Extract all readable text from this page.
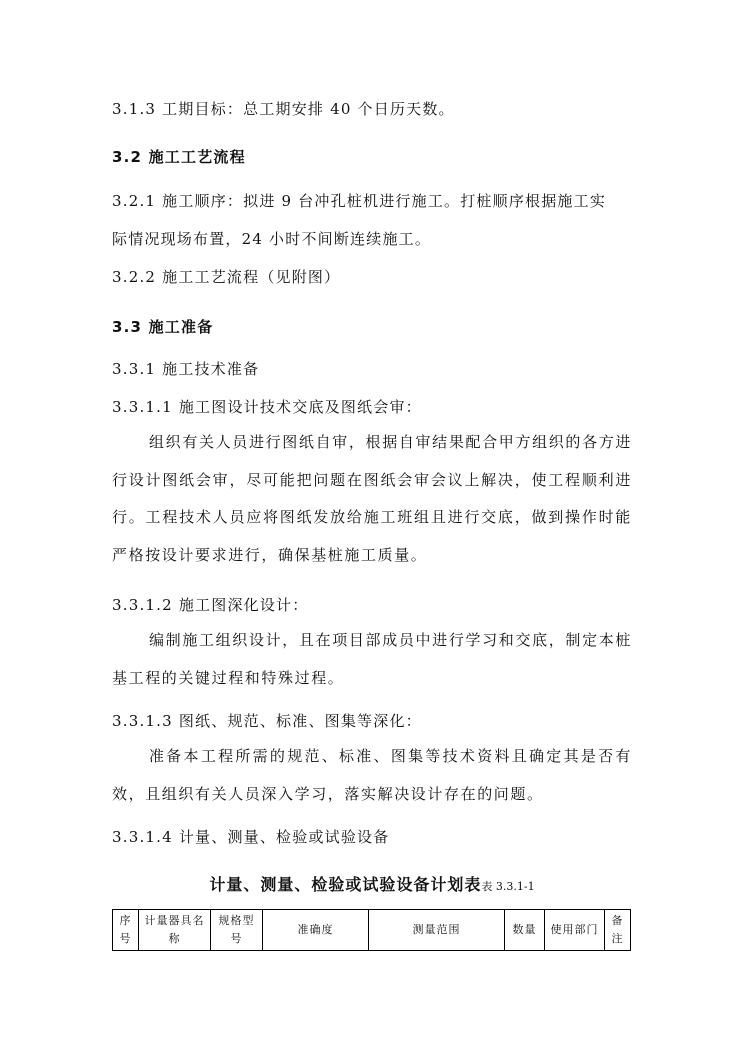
3.1.3 工期目标：总工期安排 40 个日历天数。
3.2 施工工艺流程
3.2.1 施工顺序：拟进 9 台冲孔桩机进行施工。打桩顺序根据施工实
际情况现场布置，24 小时不间断连续施工。
3.2.2 施工工艺流程（见附图）
3.3 施工准备
3.3.1 施工技术准备
3.3.1.1 施工图设计技术交底及图纸会审：
组织有关人员进行图纸自审，根据自审结果配合甲方组织的各方进行设计图纸会审，尽可能把问题在图纸会审会议上解决，使工程顺利进行。工程技术人员应将图纸发放给施工班组且进行交底，做到操作时能严格按设计要求进行，确保基桩施工质量。
3.3.1.2 施工图深化设计：
编制施工组织设计，且在项目部成员中进行学习和交底，制定本桩基工程的关键过程和特殊过程。
3.3.1.3 图纸、规范、标准、图集等深化：
准备本工程所需的规范、标准、图集等技术资料且确定其是否有效，且组织有关人员深入学习，落实解决设计存在的问题。
3.3.1.4 计量、测量、检验或试验设备
计量、测量、检验或试验设备计划表表 3.3.1-1
序号	计量器具名称	规格型号	准确度	测量范围	数量	使用部门	备注
